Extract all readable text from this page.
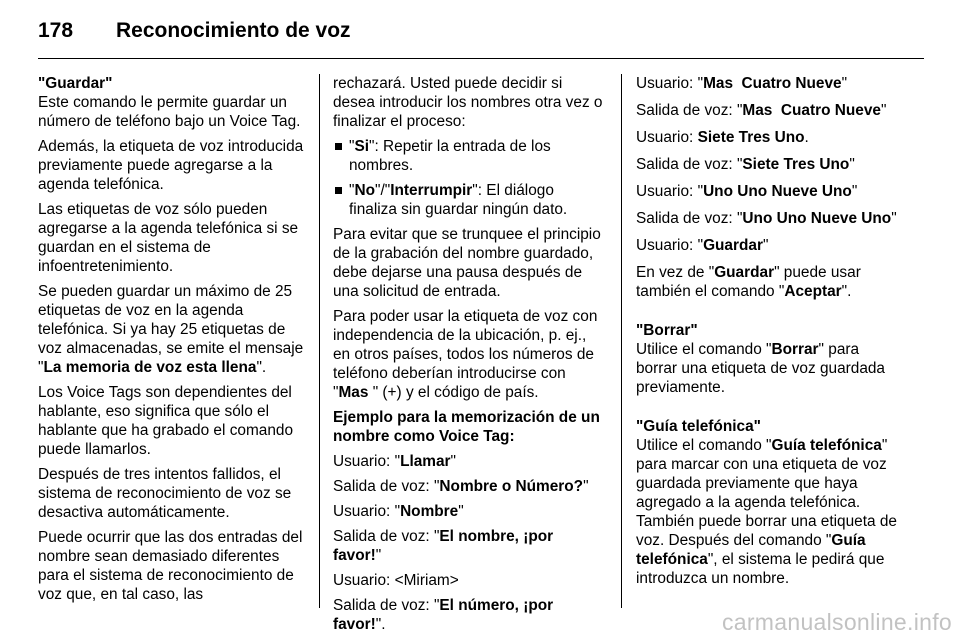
178	Reconocimiento de voz
"Guardar"

Este comando le permite guardar un número de teléfono bajo un Voice Tag.

Además, la etiqueta de voz introducida previamente puede agregarse a la agenda telefónica.

Las etiquetas de voz sólo pueden agregarse a la agenda telefónica si se guardan en el sistema de infoentretenimiento.

Se pueden guardar un máximo de 25 etiquetas de voz en la agenda telefónica. Si ya hay 25 etiquetas de voz almacenadas, se emite el mensaje "La memoria de voz esta llena".

Los Voice Tags son dependientes del hablante, eso significa que sólo el hablante que ha grabado el comando puede llamarlos.

Después de tres intentos fallidos, el sistema de reconocimiento de voz se desactiva automáticamente.

Puede ocurrir que las dos entradas del nombre sean demasiado diferentes para el sistema de reconocimiento de voz que, en tal caso, las

rechazará. Usted puede decidir si desea introducir los nombres otra vez o finalizar el proceso:

"Si": Repetir la entrada de los nombres.
"No"/"Interrumpir": El diálogo finaliza sin guardar ningún dato.

Para evitar que se trunquee el principio de la grabación del nombre guardado, debe dejarse una pausa después de una solicitud de entrada.

Para poder usar la etiqueta de voz con independencia de la ubicación, p. ej., en otros países, todos los números de teléfono deberían introducirse con "Mas " (+) y el código de país.

Ejemplo para la memorización de un nombre como Voice Tag:

Usuario: "Llamar"

Salida de voz: "Nombre o Número?"

Usuario: "Nombre"

Salida de voz: "El nombre, ¡por favor!"

Usuario: <Miriam>

Salida de voz: "El número, ¡por favor!".

Usuario: "Mas  Cuatro Nueve"

Salida de voz: "Mas  Cuatro Nueve"

Usuario: Siete Tres Uno.

Salida de voz: "Siete Tres Uno"

Usuario: "Uno Uno Nueve Uno"

Salida de voz: "Uno Uno Nueve Uno"

Usuario: "Guardar"

En vez de "Guardar" puede usar también el comando "Aceptar".

"Borrar"

Utilice el comando "Borrar" para borrar una etiqueta de voz guardada previamente.

"Guía telefónica"

Utilice el comando "Guía telefónica" para marcar con una etiqueta de voz guardada previamente que haya agregado a la agenda telefónica. También puede borrar una etiqueta de voz. Después del comando "Guía telefónica", el sistema le pedirá que introduzca un nombre.

carmanualsonline.info
